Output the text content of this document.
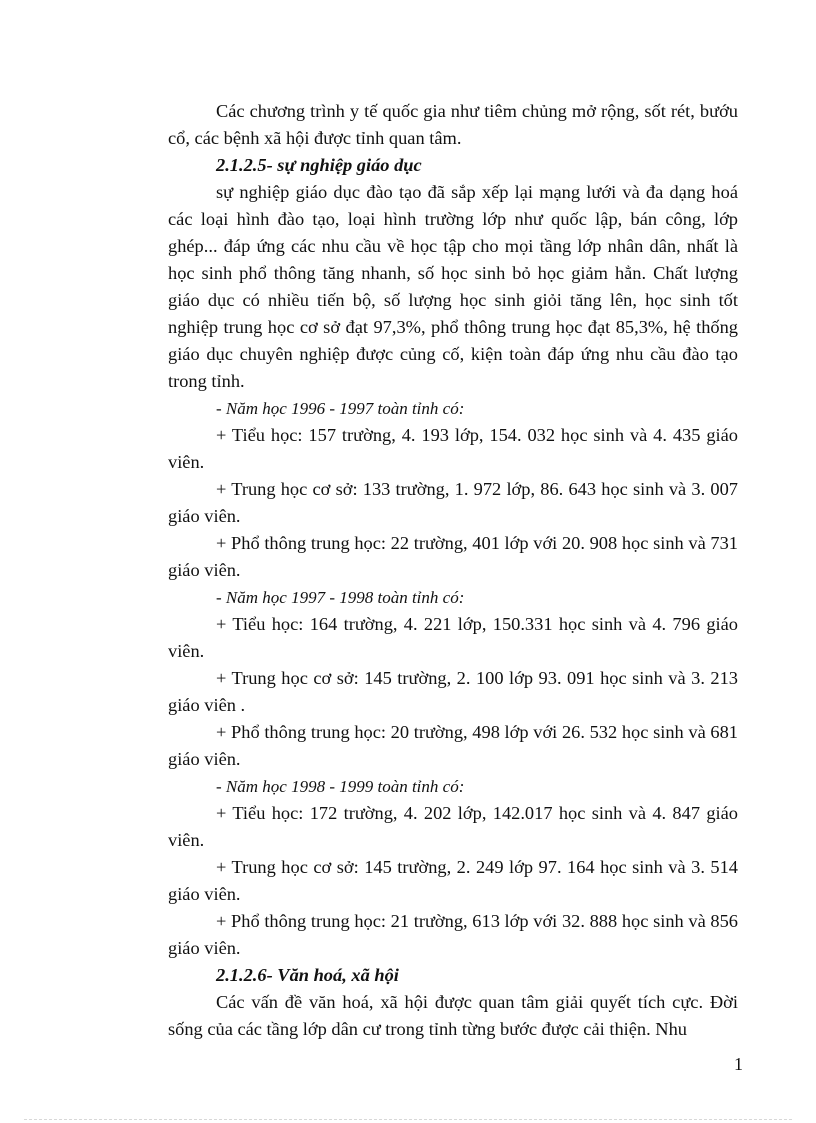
Các chương trình y tế quốc gia như tiêm chủng mở rộng, sốt rét, bướu cổ, các bệnh xã hội được tỉnh quan tâm.

2.1.2.5- sự nghiệp giáo dục

sự nghiệp giáo dục đào tạo đã sắp xếp lại mạng lưới và đa dạng hoá các loại hình đào tạo, loại hình trường lớp như quốc lập, bán công, lớp ghép... đáp ứng các nhu cầu về học tập cho mọi tầng lớp nhân dân, nhất là học sinh phổ thông tăng nhanh, số học sinh bỏ học giảm hẳn. Chất lượng giáo dục có nhiều tiến bộ, số lượng học sinh giỏi tăng lên, học sinh tốt nghiệp trung học cơ sở đạt 97,3%, phổ thông trung học đạt 85,3%, hệ thống giáo dục chuyên nghiệp được củng cố, kiện toàn đáp ứng nhu cầu đào tạo trong tỉnh.

- Năm học 1996 - 1997 toàn tỉnh có:

+ Tiểu học: 157 trường, 4. 193 lớp, 154. 032 học sinh và 4. 435 giáo viên.

+ Trung học cơ sở: 133 trường, 1. 972 lớp, 86. 643 học sinh và 3. 007 giáo viên.

+ Phổ thông trung học: 22 trường, 401 lớp với 20. 908 học sinh và 731 giáo viên.

- Năm học 1997 - 1998 toàn tỉnh có:

+ Tiểu học: 164 trường, 4. 221 lớp, 150.331 học sinh và 4. 796 giáo viên.

+ Trung học cơ sở: 145 trường, 2. 100 lớp 93. 091 học sinh và 3. 213 giáo viên .

+ Phổ thông trung học: 20 trường, 498 lớp với 26. 532 học sinh và 681 giáo viên.

- Năm học 1998 - 1999 toàn tỉnh có:

+ Tiểu học: 172 trường, 4. 202 lớp, 142.017 học sinh và 4. 847 giáo viên.

+ Trung học cơ sở: 145 trường, 2. 249 lớp 97. 164 học sinh và 3. 514 giáo viên.

+ Phổ thông trung học: 21 trường, 613 lớp với 32. 888 học sinh và 856 giáo viên.

2.1.2.6- Văn hoá, xã hội

Các vấn đề văn hoá, xã hội được quan tâm giải quyết tích cực. Đời sống của các tầng lớp dân cư trong tỉnh từng bước được cải thiện. Nhu

1
